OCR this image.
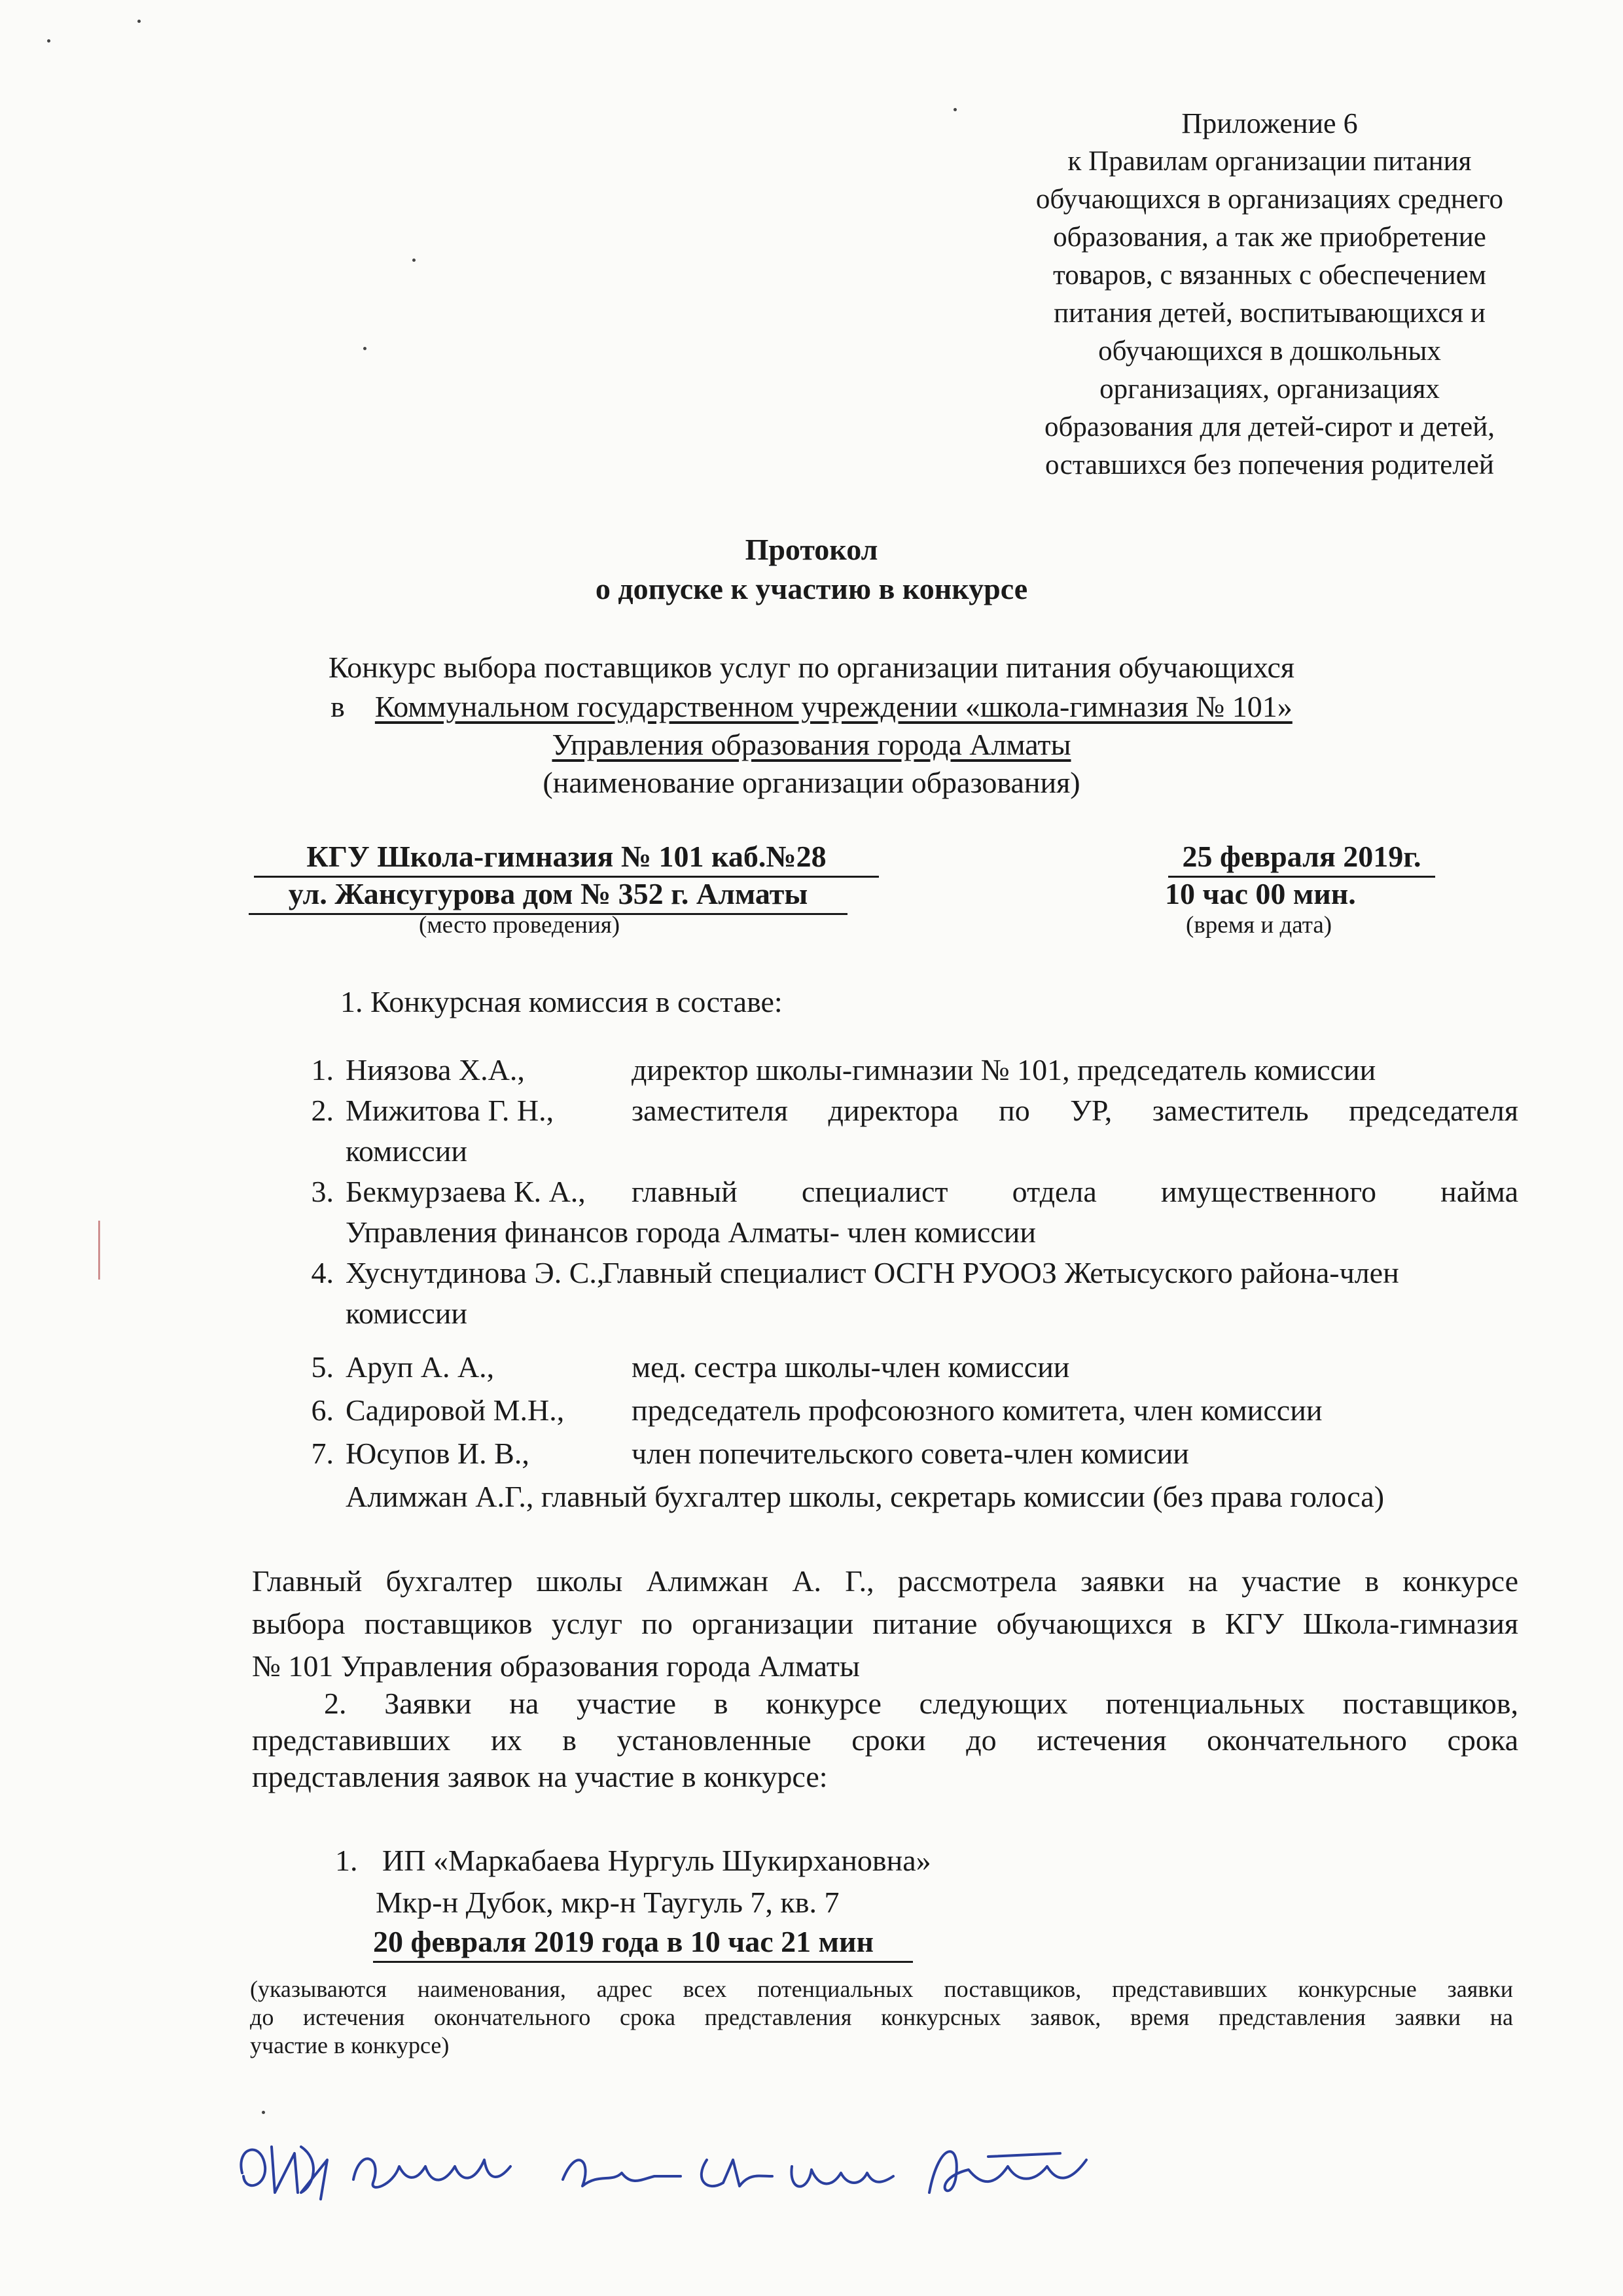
Приложение 6
к Правилам организации питания
обучающихся в организациях среднего
образования, а так же приобретение
товаров, с вязанных с обеспечением
питания детей, воспитывающихся и
обучающихся в дошкольных
организациях, организациях
образования для детей-сирот и детей,
оставшихся без попечения родителей
Протокол
о допуске к участию в конкурсе
Конкурс выбора поставщиков услуг по организации питания обучающихся
в Коммунальном государственном учреждении «школа-гимназия № 101»
Управления образования города Алматы
(наименование организации образования)
КГУ Школа-гимназия № 101 каб.№28
ул. Жансугурова дом № 352 г. Алматы
(место проведения)
25 февраля 2019г.
10 час 00 мин.
(время и дата)
1. Конкурсная комиссия в составе:
1. Ниязова Х.А.,	директор школы-гимназии № 101, председатель комиссии
2. Мижитова Г. Н.,	заместителя директора по УР, заместитель председателя
комиссии
3. Бекмурзаева К. А., главный специалист отдела имущественного найма
Управления финансов города Алматы- член комиссии
4. Хуснутдинова Э. С.,
Главный специалист ОСГН РУООЗ Жетысуского района-член
комиссии
5. Аруп А. А.,	мед. сестра школы-член комиссии
6. Садировой М.Н., председатель профсоюзного комитета, член комиссии
7. Юсупов И. В.,	член попечительского совета-член комисии
Алимжан А.Г., главный бухгалтер школы, секретарь комиссии (без права голоса)
Главный бухгалтер школы Алимжан А. Г., рассмотрела заявки на участие в конкурсе
выбора поставщиков услуг по организации питание обучающихся в КГУ Школа-гимназия
№ 101 Управления образования города Алматы
2. Заявки на участие в конкурсе следующих потенциальных поставщиков,
представивших их в установленные сроки до истечения окончательного срока
представления заявок на участие в конкурсе:
1. ИП «Маркабаева Нургуль Шукирхановна»
Мкр-н Дубок, мкр-н Таугуль 7, кв. 7
20 февраля 2019 года в 10 час 21 мин
(указываются наименования, адрес всех потенциальных поставщиков, представивших конкурсные заявки
до истечения окончательного срока представления конкурсных заявок, время представления заявки на
участие в конкурсе)
